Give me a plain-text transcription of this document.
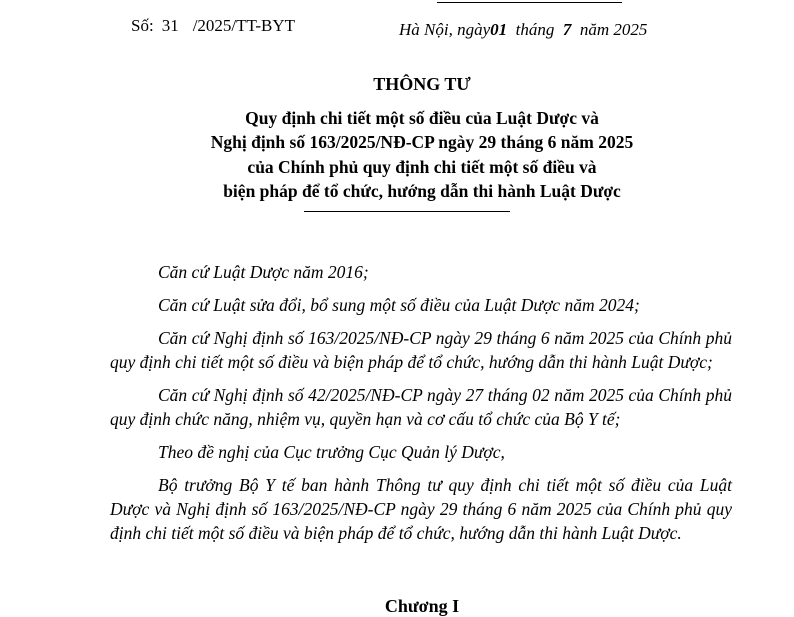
Số: 31 /2025/TT-BYT	Hà Nội, ngày01 tháng 7 năm 2025
THÔNG TƯ
Quy định chi tiết một số điều của Luật Dược và
Nghị định số 163/2025/NĐ-CP ngày 29 tháng 6 năm 2025
của Chính phủ quy định chi tiết một số điều và
biện pháp để tổ chức, hướng dẫn thi hành Luật Dược

Căn cứ Luật Dược năm 2016;

Căn cứ Luật sửa đổi, bổ sung một số điều của Luật Dược năm 2024;

Căn cứ Nghị định số 163/2025/NĐ-CP ngày 29 tháng 6 năm 2025 của Chính phủ quy định chi tiết một số điều và biện pháp để tổ chức, hướng dẫn thi hành Luật Dược;

Căn cứ Nghị định số 42/2025/NĐ-CP ngày 27 tháng 02 năm 2025 của Chính phủ quy định chức năng, nhiệm vụ, quyền hạn và cơ cấu tổ chức của Bộ Y tế;

Theo đề nghị của Cục trưởng Cục Quản lý Dược,

Bộ trưởng Bộ Y tế ban hành Thông tư quy định chi tiết một số điều của Luật Dược và Nghị định số 163/2025/NĐ-CP ngày 29 tháng 6 năm 2025 của Chính phủ quy định chi tiết một số điều và biện pháp để tổ chức, hướng dẫn thi hành Luật Dược.

Chương I
